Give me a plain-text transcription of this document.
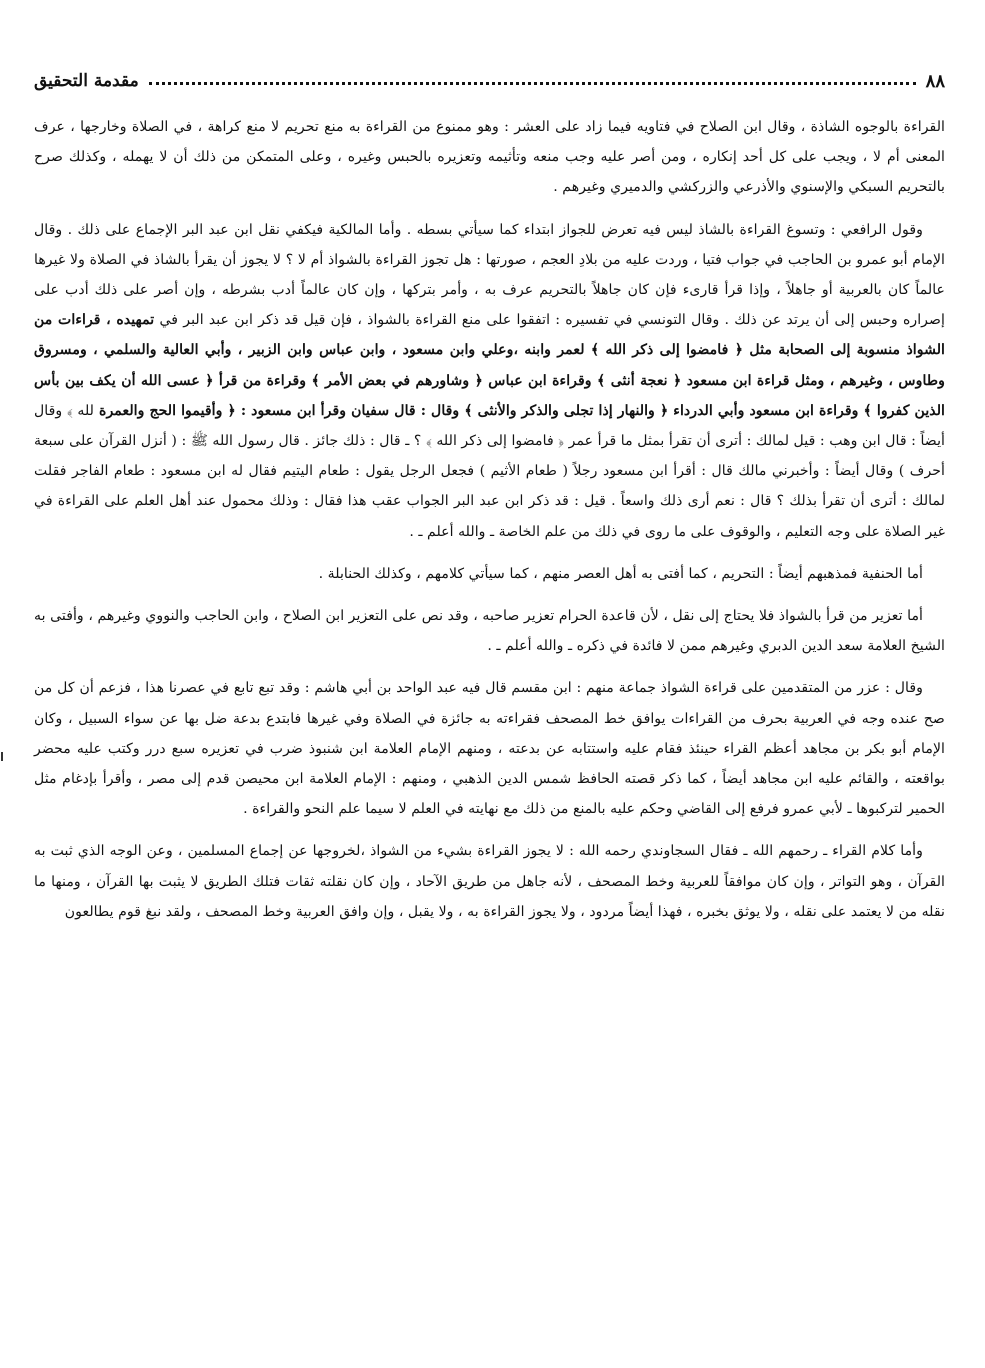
٨٨
مقدمة التحقيق

القراءة بالوجوه الشاذة ، وقال ابن الصلاح في فتاويه فيما زاد على العشر : وهو ممنوع من القراءة به منع تحريم لا منع كراهة ، في الصلاة وخارجها ، عرف المعنى أم لا ، ويجب على كل أحد إنكاره ، ومن أصر عليه وجب منعه وتأثيمه وتعزيره بالحبس وغيره ، وعلى المتمكن من ذلك أن لا يهمله ، وكذلك صرح بالتحريم السبكي والإسنوي والأذرعي والزركشي والدميري وغيرهم .

وقول الرافعي : وتسوغ القراءة بالشاذ ليس فيه تعرض للجواز ابتداء كما سيأتي بسطه . وأما المالكية فيكفي نقل ابن عبد البر الإجماع على ذلك . وقال الإمام أبو عمرو بن الحاجب في جواب فتيا ، وردت عليه من بلادِ العجم ، صورتها : هل تجوز القراءة بالشواذ أم لا ؟ لا يجوز أن يقرأ بالشاذ في الصلاة ولا غيرها عالماً كان بالعربية أو جاهلاً ، وإذا قرأ قارىء فإن كان جاهلاً بالتحريم عرف به ، وأمر بتركها ، وإن كان عالماً أدب بشرطه ، وإن أصر على ذلك أدب على إصراره وحبس إلى أن يرتد عن ذلك . وقال التونسي في تفسيره : اتفقوا على منع القراءة بالشواذ ، فإن قيل قد ذكر ابن عبد البر في تمهيده ، قراءات من الشواذ منسوبة إلى الصحابة مثل ﴿ فامضوا إلى ذكر الله ﴾ لعمر وابنه ،وعلي وابن مسعود ، وابن عباس وابن الزبير ، وأبي العالية والسلمي ، ومسروق وطاوس ، وغيرهم ، ومثل قراءة ابن مسعود ﴿ نعجة أنثى ﴾ وقراءة ابن عباس ﴿ وشاورهم في بعض الأمر ﴾ وقراءة من قرأ ﴿ عسى الله أن يكف بين بأس الذين كفروا ﴾ وقراءة ابن مسعود وأبي الدرداء ﴿ والنهار إذا تجلى والذكر والأنثى ﴾ وقال : قال سفيان وقرأ ابن مسعود : ﴿ وأقيموا الحج والعمرة لله ﴾ وقال أيضاً : قال ابن وهب : قيل لمالك : أترى أن تقرأ بمثل ما قرأ عمر ﴿ فامضوا إلى ذكر الله ﴾ ؟ ـ قال : ذلك جائز . قال رسول الله ﷺ : ( أنزل القرآن على سبعة أحرف ) وقال أيضاً : وأخبرني مالك قال : أقرأ ابن مسعود رجلاً ( طعام الأثيم ) فجعل الرجل يقول : طعام اليتيم فقال له ابن مسعود : طعام الفاجر فقلت لمالك : أترى أن تقرأ بذلك ؟ قال : نعم أرى ذلك واسعاً . قيل : قد ذكر ابن عبد البر الجواب عقب هذا فقال : وذلك محمول عند أهل العلم على القراءة في غير الصلاة على وجه التعليم ، والوقوف على ما روى في ذلك من علم الخاصة ـ والله أعلم ـ .

أما الحنفية فمذهبهم أيضاً : التحريم ، كما أفتى به أهل العصر منهم ، كما سيأتي كلامهم ، وكذلك الحنابلة .

أما تعزير من قرأ بالشواذ فلا يحتاج إلى نقل ، لأن قاعدة الحرام تعزير صاحبه ، وقد نص على التعزير ابن الصلاح ، وابن الحاجب والنووي وغيرهم ، وأفتى به الشيخ العلامة سعد الدين الدبري وغيرهم ممن لا فائدة في ذكره ـ والله أعلم ـ .

وقال : عزر من المتقدمين على قراءة الشواذ جماعة منهم : ابن مقسم قال فيه عبد الواحد بن أبي هاشم : وقد تبع تابع في عصرنا هذا ، فزعم أن كل من صح عنده وجه في العربية بحرف من القراءات يوافق خط المصحف فقراءته به جائزة في الصلاة وفي غيرها فابتدع بدعة ضل بها عن سواء السبيل ، وكان الإمام أبو بكر بن مجاهد أعظم القراء حينئذ فقام عليه واستتابه عن بدعته ، ومنهم الإمام العلامة ابن شنبوذ ضرب في تعزيره سبع درر وكتب عليه محضر بواقعته ، والقائم عليه ابن مجاهد أيضاً ، كما ذكر قصته الحافظ شمس الدين الذهبي ، ومنهم : الإمام العلامة ابن محيصن قدم إلى مصر ، وأقرأ بإدغام مثل الحمير لتركبوها ـ لأبي عمرو فرفع إلى القاضي وحكم عليه بالمنع من ذلك مع نهايته في العلم لا سيما علم النحو والقراءة .

وأما كلام القراء ـ رحمهم الله ـ فقال السجاوندي رحمه الله : لا يجوز القراءة بشيء من الشواذ ،لخروجها عن إجماع المسلمين ، وعن الوجه الذي ثبت به القرآن ، وهو التواتر ، وإن كان موافقاً للعربية وخط المصحف ، لأنه جاهل من طريق الآحاد ، وإن كان نقلته ثقات فتلك الطريق لا يثبت بها القرآن ، ومنها ما نقله من لا يعتمد على نقله ، ولا يوثق بخبره ، فهذا أيضاً مردود ، ولا يجوز القراءة به ، ولا يقبل ، وإن وافق العربية وخط المصحف ، ولقد نبغ قوم يطالعون
